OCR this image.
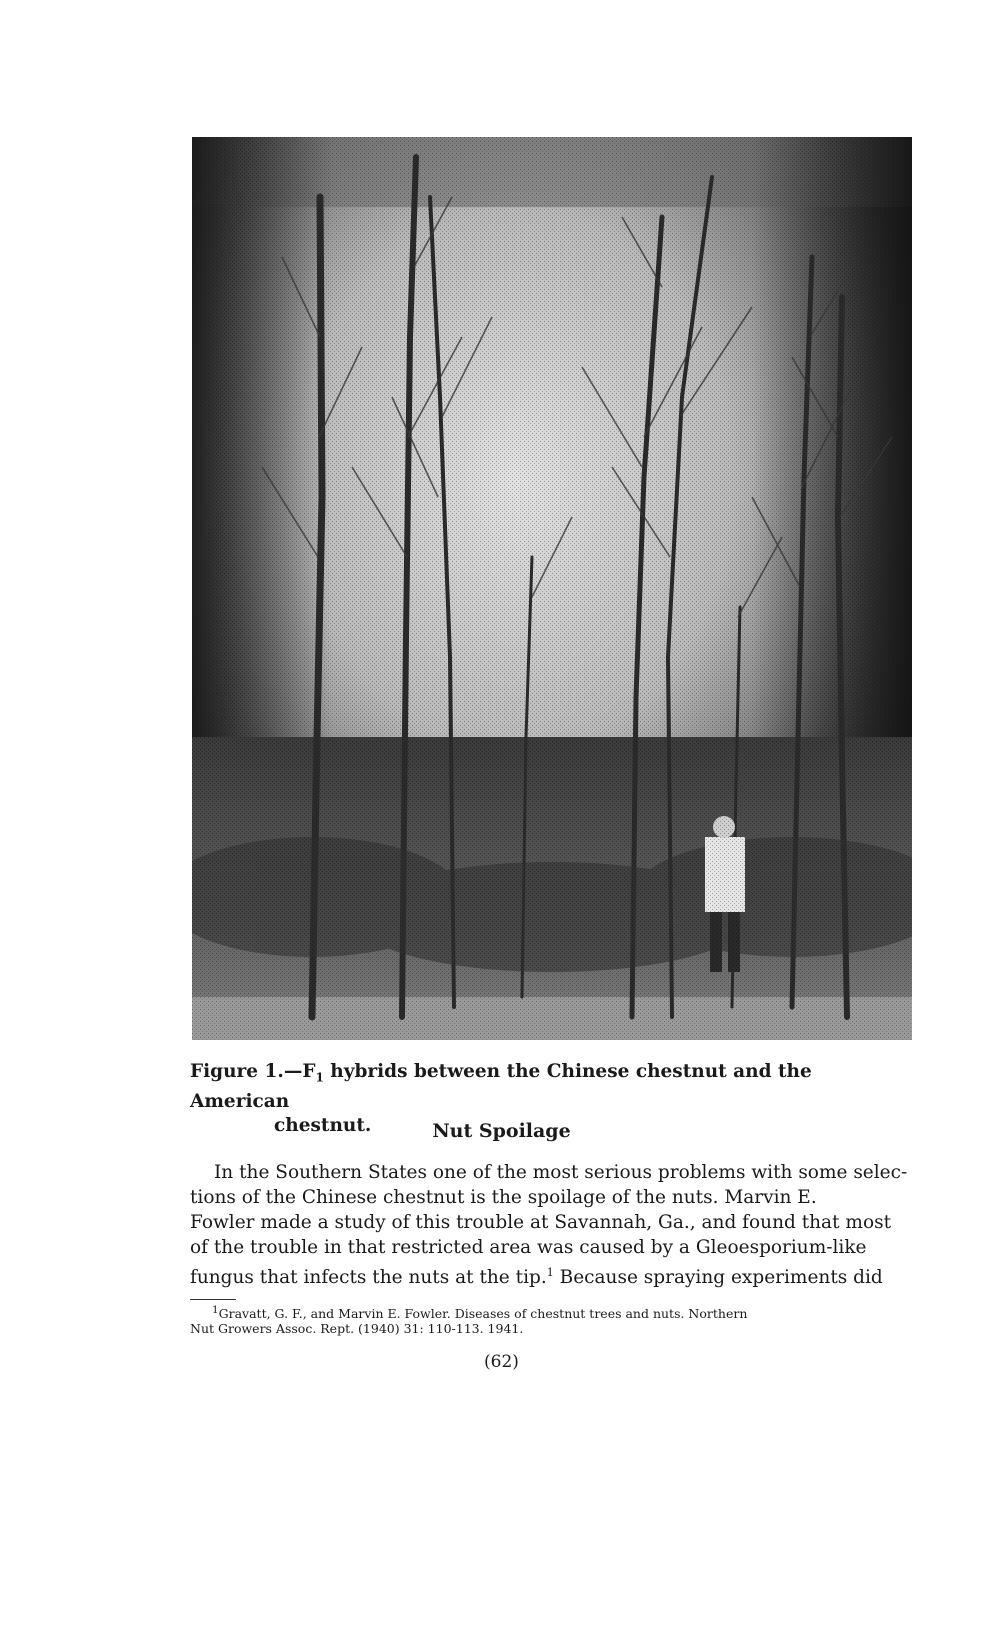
Figure $1.—F_1$ hybrids between the Chinese chestnut and the American
chestnut.	Nut Spoilage
In the Southern States one of the most serious problems with some selec-
tions of the Chinese chestnut is the spoilage of the nuts. Marvin E.
Fowler made a study of this trouble at Savannah, Ga., and found that most
of the trouble in that restricted area was caused by a Gleoesporium-like
fungus that infects the nuts at the tip.$^1$ Because spraying experiments did
$^1$Gravatt, G. F., and Marvin E. Fowler. Diseases of chestnut trees and nuts. Northern
Nut Growers Assoc. Rept. (1940) 31: 110-113. 1941.
(62)
